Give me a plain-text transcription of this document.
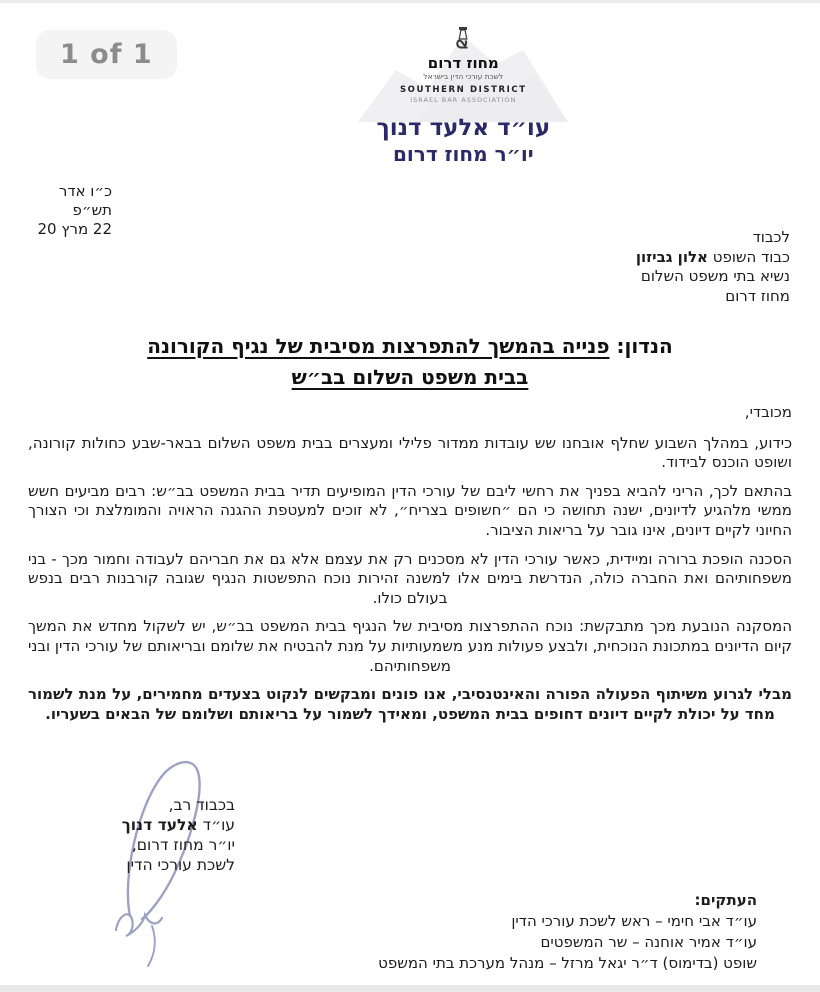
1 of 1	מחוז דרום
לשכת עורכי הדין בישראל
SOUTHERN DISTRICT
ISRAEL BAR ASSOCIATION
עו״ד אלעד דנוך
יו״ר מחוז דרום
כ״ו אדר תש״פ
22 מרץ 20	לכבוד
כבוד השופט אלון גביזון
נשיא בתי משפט השלום
מחוז דרום
הנדון: פנייה בהמשך להתפרצות מסיבית של נגיף הקורונה
בבית משפט השלום בב״ש
מכובדי,

כידוע, במהלך השבוע שחלף אובחנו שש עובדות ממדור פלילי ומעצרים בבית משפט השלום בבאר-שבע כחולות קורונה, ושופט הוכנס לבידוד.

בהתאם לכך, הריני להביא בפניך את רחשי ליבם של עורכי הדין המופיעים תדיר בבית המשפט בב״ש: רבים מביעים חשש ממשי מלהגיע לדיונים, ישנה תחושה כי הם ״חשופים בצריח״, לא זוכים למעטפת ההגנה הראויה והמומלצת וכי הצורך החיוני לקיים דיונים, אינו גובר על בריאות הציבור.

הסכנה הופכת ברורה ומיידית, כאשר עורכי הדין לא מסכנים רק את עצמם אלא גם את חבריהם לעבודה וחמור מכך - בני משפחותיהם ואת החברה כולה, הנדרשת בימים אלו למשנה זהירות נוכח התפשטות הנגיף שגובה קורבנות רבים בנפש בעולם כולו.

המסקנה הנובעת מכך מתבקשת: נוכח ההתפרצות מסיבית של הנגיף בבית המשפט בב״ש, יש לשקול מחדש את המשך קיום הדיונים במתכונת הנוכחית, ולבצע פעולות מנע משמעותיות על מנת להבטיח את שלומם ובריאותם של עורכי הדין ובני משפחותיהם.

מבלי לגרוע משיתוף הפעולה הפורה והאינטנסיבי, אנו פונים ומבקשים לנקוט בצעדים מחמירים, על מנת לשמור מחד על יכולת לקיים דיונים דחופים בבית המשפט, ומאידך לשמור על בריאותם ושלומם של הבאים בשעריו.

בכבוד רב,
עו״ד אלעד דנוך
יו״ר מחוז דרום,
לשכת עורכי הדין
העתקים:
עו״ד אבי חימי – ראש לשכת עורכי הדין
עו״ד אמיר אוחנה – שר המשפטים
שופט (בדימוס) ד״ר יגאל מרזל – מנהל מערכת בתי המשפט
